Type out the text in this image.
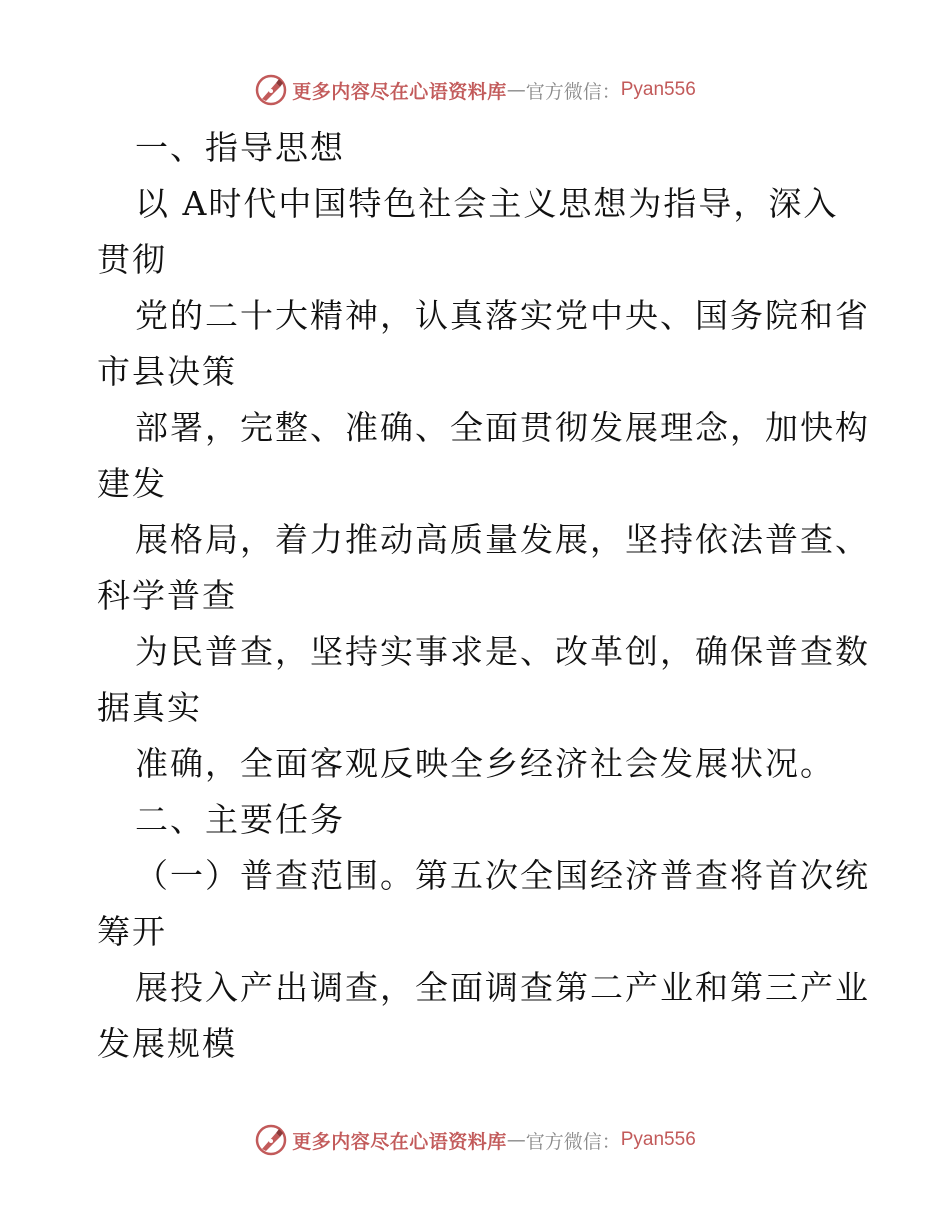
更多内容尽在心语资料库 — 官方微信： Pyan556
一、指导思想
以 A时代中国特色社会主义思想为指导，深入
贯彻
党的二十大精神，认真落实党中央、国务院和省
市县决策
部署，完整、准确、全面贯彻发展理念，加快构
建发
展格局，着力推动高质量发展，坚持依法普查、
科学普查
为民普查，坚持实事求是、改革创，确保普查数
据真实
准确，全面客观反映全乡经济社会发展状况。
二、主要任务
（一）普查范围。第五次全国经济普查将首次统
筹开
展投入产出调查，全面调查第二产业和第三产业
发展规模
更多内容尽在心语资料库 — 官方微信： Pyan556
